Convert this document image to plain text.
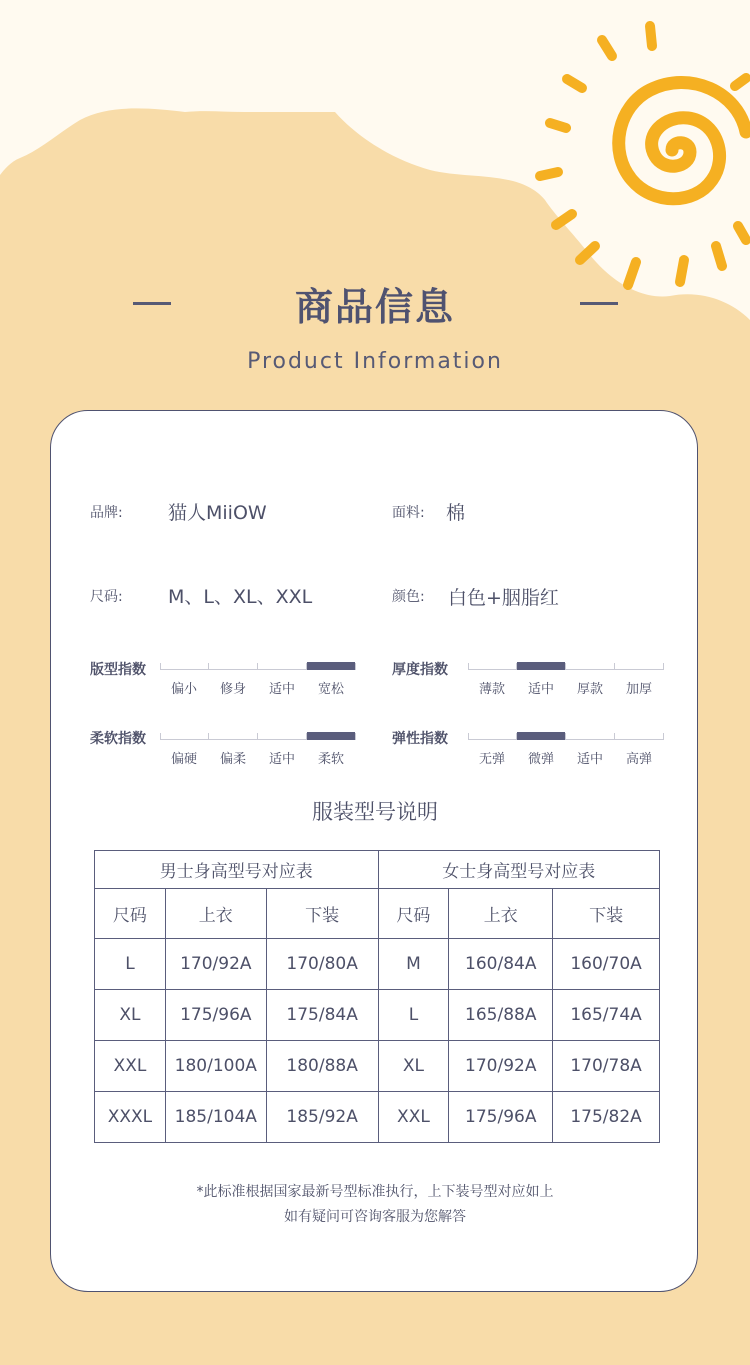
商品信息
Product Information
品牌: 猫人MiiOW	面料: 棉
尺码: M、L、XL、XXL	颜色: 白色+胭脂红
版型指数
偏小	修身	适中	宽松
厚度指数
薄款	适中	厚款	加厚
柔软指数
偏硬	偏柔	适中	柔软
弹性指数
无弹	微弹	适中	高弹
服装型号说明
男士身高型号对应表			女士身高型号对应表		
尺码	上衣	下装	尺码	上衣	下装
L	170/92A	170/80A	M	160/84A	160/70A
XL	175/96A	175/84A	L	165/88A	165/74A
XXL	180/100A	180/88A	XL	170/92A	170/78A
XXXL	185/104A	185/92A	XXL	175/96A	175/82A
*此标准根据国家最新号型标准执行，上下装号型对应如上
如有疑问可咨询客服为您解答
